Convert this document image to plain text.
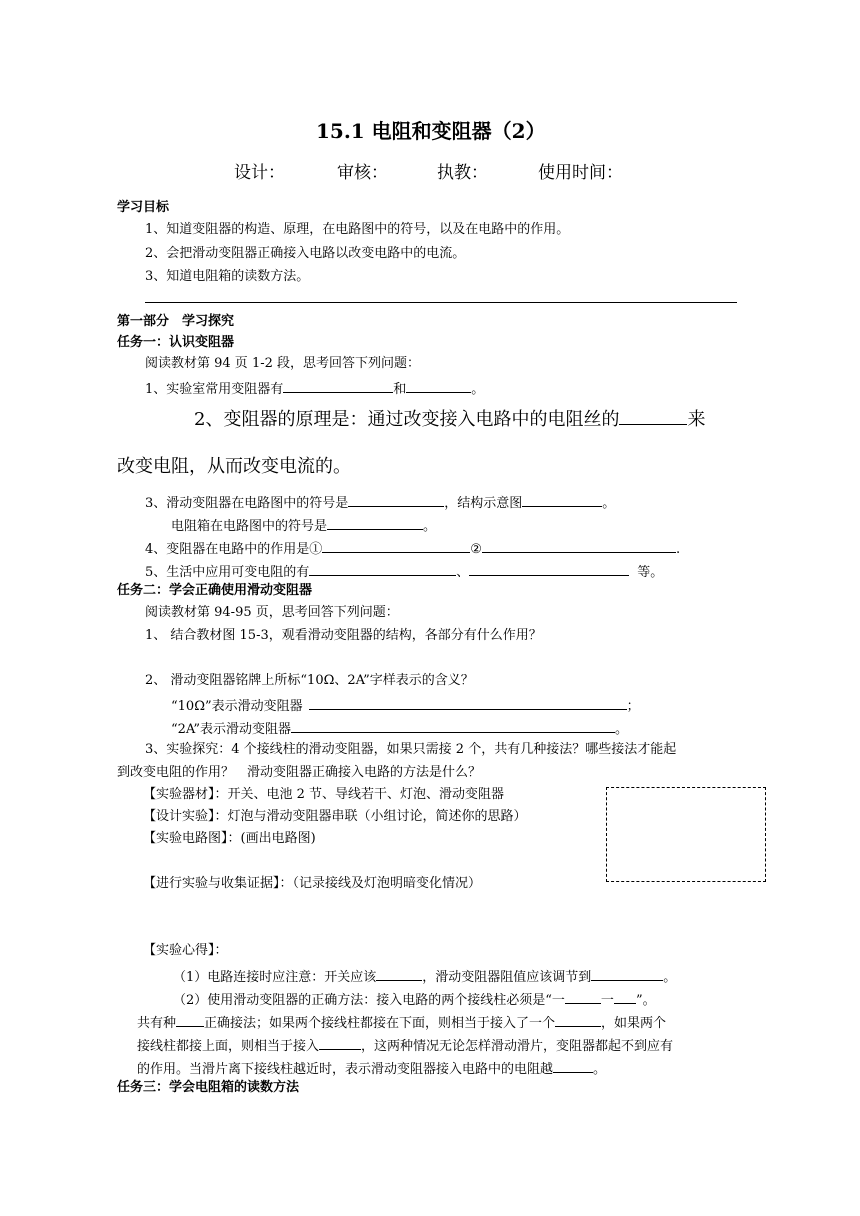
15.1 电阻和变阻器（2）
设计：	审核：	执教：	使用时间：
学习目标
1、知道变阻器的构造、原理，在电路图中的符号，以及在电路中的作用。
2、会把滑动变阻器正确接入电路以改变电路中的电流。
3、知道电阻箱的读数方法。
第一部分　学习探究
任务一：认识变阻器
阅读教材第 94 页 1-2 段，思考回答下列问题：
1、实验室常用变阻器有	和	。
2、变阻器的原理是：通过改变接入电路中的电阻丝的	来
改变电阻，从而改变电流的。
3、滑动变阻器在电路图中的符号是	，结构示意图	。
电阻箱在电路图中的符号是	。
4、变阻器在电路中的作用是①	②	.
5、生活中应用可变电阻的有	、	等。
任务二：学会正确使用滑动变阻器
阅读教材第 94-95 页，思考回答下列问题：
1、 结合教材图 15-3，观看滑动变阻器的结构，各部分有什么作用？
2、 滑动变阻器铭牌上所标“10Ω、2A”字样表示的含义？
“10Ω”表示滑动变阻器	；
“2A”表示滑动变阻器	。
3、实验探究：4 个接线柱的滑动变阻器，如果只需接 2 个，共有几种接法？哪些接法才能起
到改变电阻的作用？　滑动变阻器正确接入电路的方法是什么？
【实验器材】：开关、电池 2 节、导线若干、灯泡、滑动变阻器
【设计实验】：灯泡与滑动变阻器串联（小组讨论，简述你的思路）
【实验电路图】：(画出电路图)
【进行实验与收集证据】：（记录接线及灯泡明暗变化情况）
【实验心得】：
（1）电路连接时应注意：开关应该	，滑动变阻器阻值应该调节到	。
（2）使用滑动变阻器的正确方法：接入电路的两个接线柱必须是“一	一 ”。
共有种 正确接法；如果两个接线柱都接在下面，则相当于接入了一个	，如果两个
接线柱都接上面，则相当于接入	，这两种情况无论怎样滑动滑片，变阻器都起不到应有
的作用。当滑片离下接线柱越近时，表示滑动变阻器接入电路中的电阻越	。
任务三：学会电阻箱的读数方法
